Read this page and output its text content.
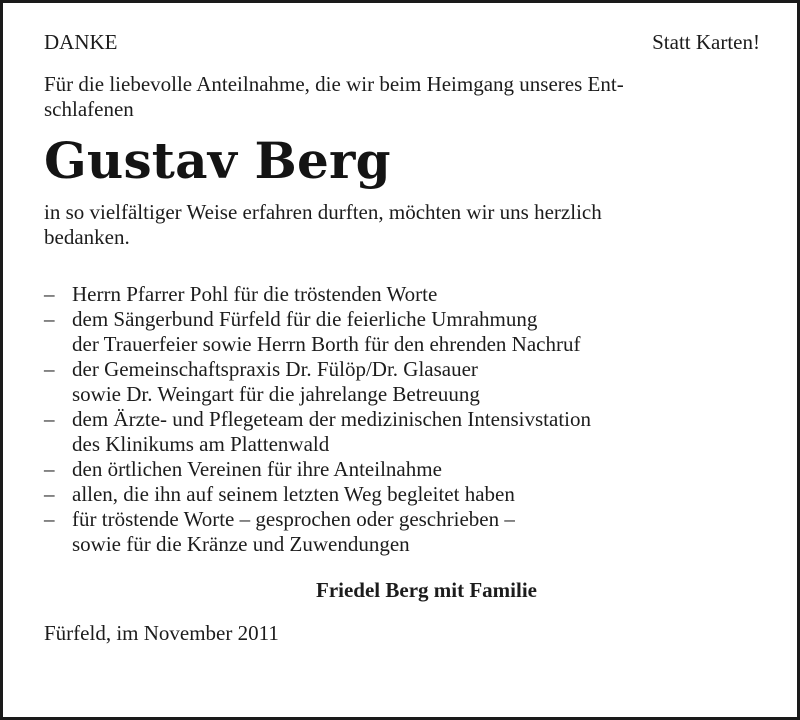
DANKE	Statt Karten!
Für die liebevolle Anteilnahme, die wir beim Heimgang unseres Ent-
schlafenen
Gustav Berg
in so vielfältiger Weise erfahren durften, möchten wir uns herzlich
bedanken.
– Herrn Pfarrer Pohl für die tröstenden Worte
– dem Sängerbund Fürfeld für die feierliche Umrahmung
der Trauerfeier sowie Herrn Borth für den ehrenden Nachruf
– der Gemeinschaftspraxis Dr. Fülöp/Dr. Glasauer
sowie Dr. Weingart für die jahrelange Betreuung
– dem Ärzte- und Pflegeteam der medizinischen Intensivstation
des Klinikums am Plattenwald
– den örtlichen Vereinen für ihre Anteilnahme
– allen, die ihn auf seinem letzten Weg begleitet haben
– für tröstende Worte – gesprochen oder geschrieben –
sowie für die Kränze und Zuwendungen
Friedel Berg mit Familie
Fürfeld, im November 2011
